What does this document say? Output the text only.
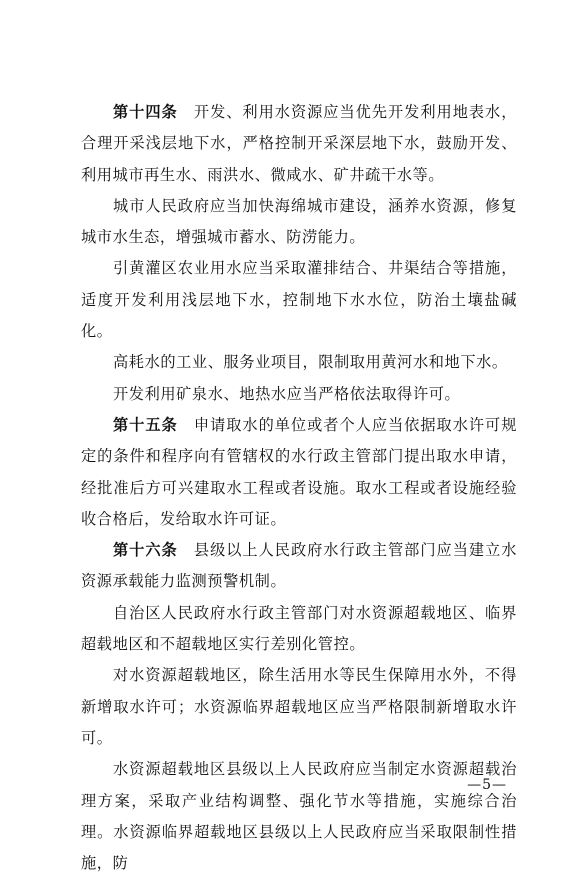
第十四条　 开发、利用水资源应当优先开发利用地表水，合理开采浅层地下水，严格控制开采深层地下水，鼓励开发、利用城市再生水、雨洪水、微咸水、矿井疏干水等。

城市人民政府应当加快海绵城市建设，涵养水资源，修复城市水生态，增强城市蓄水、防涝能力。

引黄灌区农业用水应当采取灌排结合、井渠结合等措施，适度开发利用浅层地下水，控制地下水水位，防治土壤盐碱化。

高耗水的工业、服务业项目，限制取用黄河水和地下水。

开发利用矿泉水、地热水应当严格依法取得许可。

第十五条　 申请取水的单位或者个人应当依据取水许可规定的条件和程序向有管辖权的水行政主管部门提出取水申请，经批准后方可兴建取水工程或者设施。取水工程或者设施经验收合格后，发给取水许可证。

第十六条　 县级以上人民政府水行政主管部门应当建立水资源承载能力监测预警机制。

自治区人民政府水行政主管部门对水资源超载地区、临界超载地区和不超载地区实行差别化管控。

对水资源超载地区，除生活用水等民生保障用水外，不得新增取水许可；水资源临界超载地区应当严格限制新增取水许可。

水资源超载地区县级以上人民政府应当制定水资源超载治理方案，采取产业结构调整、强化节水等措施，实施综合治理。水资源临界超载地区县级以上人民政府应当采取限制性措施，防

—5—
